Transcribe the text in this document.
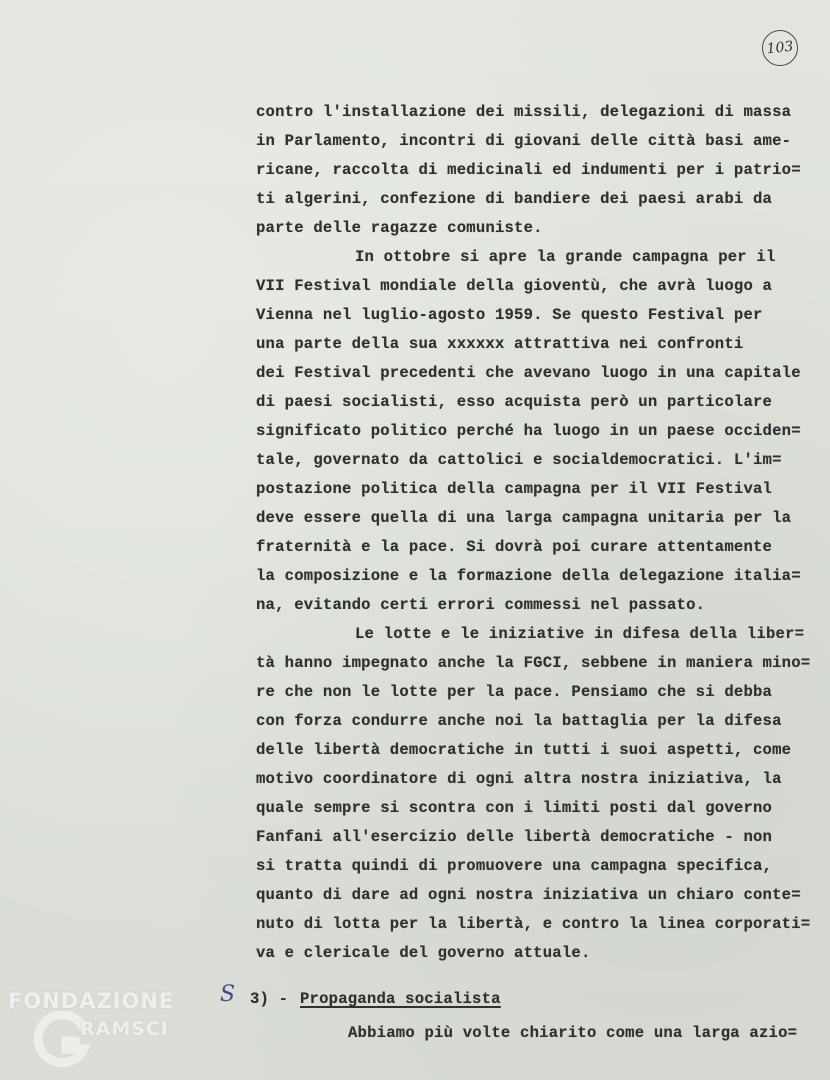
103
contro l'installazione dei missili, delegazioni di massa
in Parlamento, incontri di giovani delle città basi ame-
ricane, raccolta di medicinali ed indumenti per i patrio=
ti algerini, confezione di bandiere dei paesi arabi da
parte delle ragazze comuniste.
In ottobre si apre la grande campagna per il
VII Festival mondiale della gioventù, che avrà luogo a
Vienna nel luglio-agosto 1959. Se questo Festival per
una parte della sua xxxxxx attrattiva nei confronti
dei Festival precedenti che avevano luogo in una capitale
di paesi socialisti, esso acquista però un particolare
significato politico perché ha luogo in un paese occiden=
tale, governato da cattolici e socialdemocratici. L'im=
postazione politica della campagna per il VII Festival
deve essere quella di una larga campagna unitaria per la
fraternità e la pace. Si dovrà poi curare attentamente
la composizione e la formazione della delegazione italia=
na, evitando certi errori commessi nel passato.
Le lotte e le iniziative in difesa della liber=
tà hanno impegnato anche la FGCI, sebbene in maniera mino=
re che non le lotte per la pace. Pensiamo che si debba
con forza condurre anche noi la battaglia per la difesa
delle libertà democratiche in tutti i suoi aspetti, come
motivo coordinatore di ogni altra nostra iniziativa, la
quale sempre si scontra con i limiti posti dal governo
Fanfani all'esercizio delle libertà democratiche - non
si tratta quindi di promuovere una campagna specifica,
quanto di dare ad ogni nostra iniziativa un chiaro conte=
nuto di lotta per la libertà, e contro la linea corporati=
va e clericale del governo attuale.
3) - Propaganda socialista
Abbiamo più volte chiarito come una larga azio=
S
FONDAZIONE
RAMSCI
